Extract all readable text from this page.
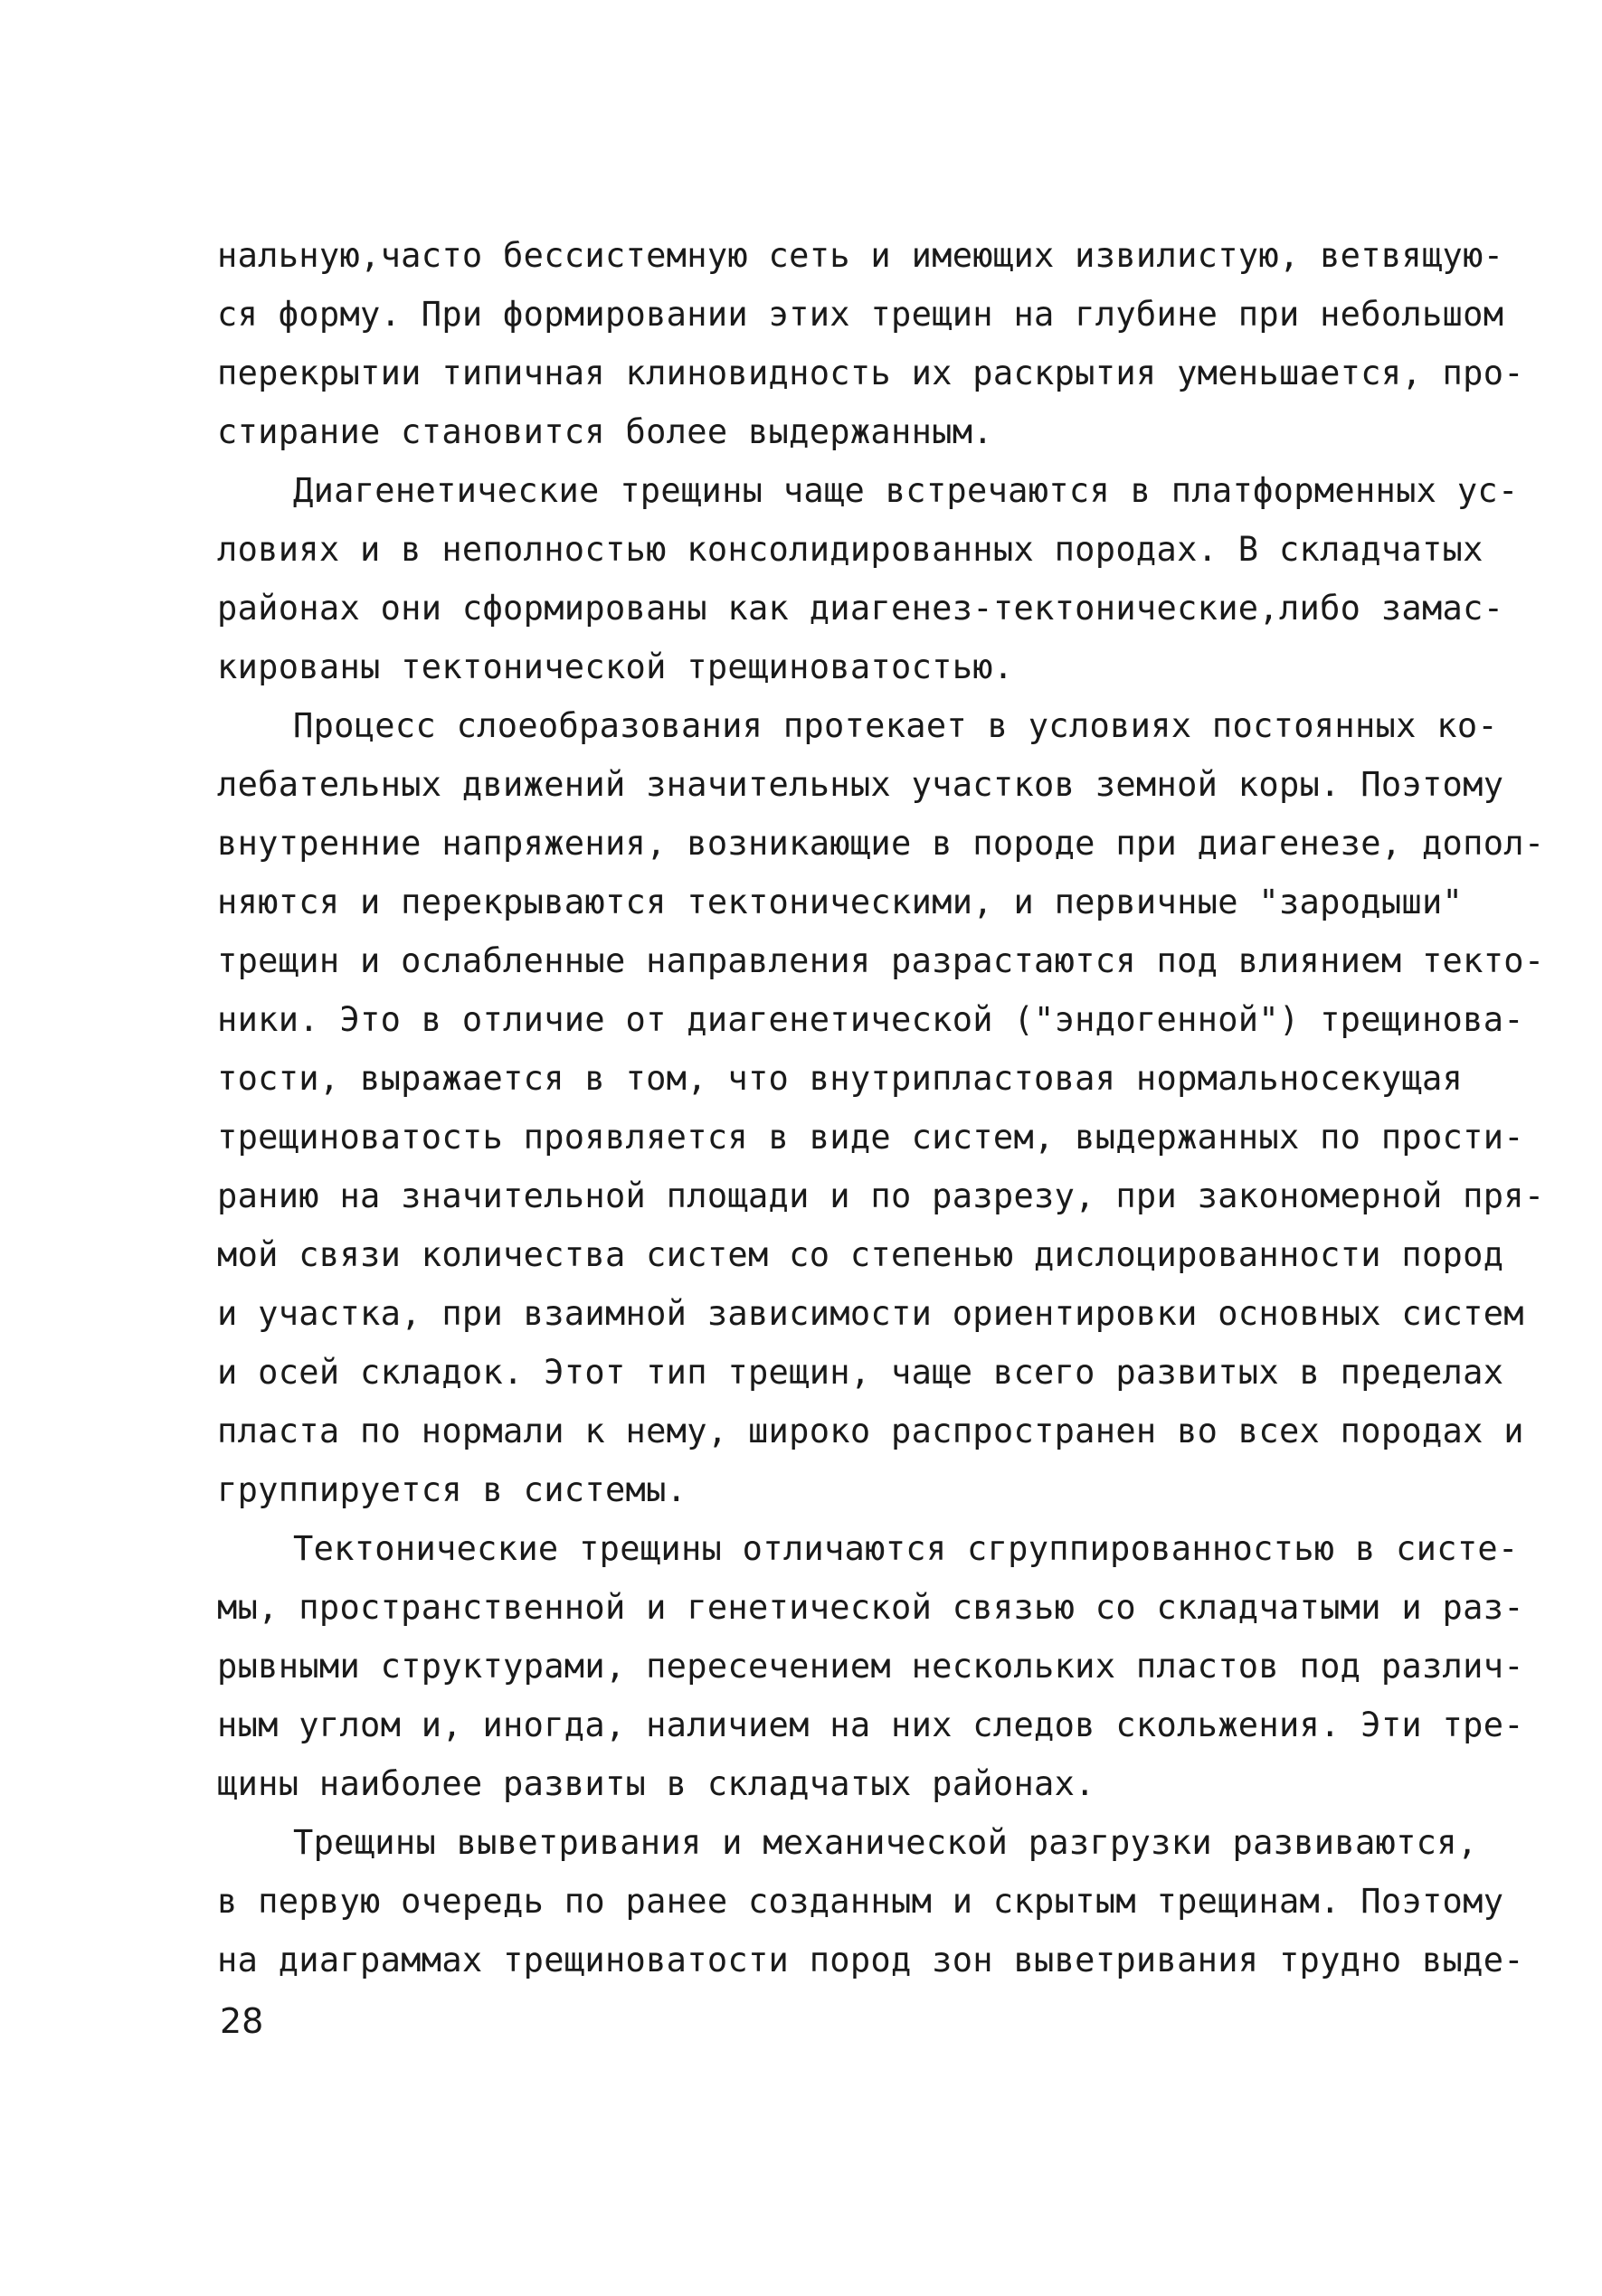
нальную,часто бессистемную сеть и имеющих извилистую, ветвящую-
ся форму. При формировании этих трещин на глубине при небольшом
перекрытии типичная клиновидность их раскрытия уменьшается, про-
стирание становится более выдержанным.
Диагенетические трещины чаще встречаются в платформенных ус-
ловиях и в неполностью консолидированных породах. В складчатых
районах они сформированы как диагенез-тектонические,либо замас-
кированы тектонической трещиноватостью.
Процесс слоеобразования протекает в условиях постоянных ко-
лебательных движений значительных участков земной коры. Поэтому
внутренние напряжения, возникающие в породе при диагенезе, допол-
няются и перекрываются тектоническими, и первичные "зародыши"
трещин и ослабленные направления разрастаются под влиянием текто-
ники. Это в отличие от диагенетической ("эндогенной") трещинова-
тости, выражается в том, что внутрипластовая нормальносекущая
трещиноватость проявляется в виде систем, выдержанных по прости-
ранию на значительной площади и по разрезу, при закономерной пря-
мой связи количества систем со степенью дислоцированности пород
и участка, при взаимной зависимости ориентировки основных систем
и осей складок. Этот тип трещин, чаще всего развитых в пределах
пласта по нормали к нему, широко распространен во всех породах и
группируется в системы.
Тектонические трещины отличаются сгруппированностью в систе-
мы, пространственной и генетической связью со складчатыми и раз-
рывными структурами, пересечением нескольких пластов под различ-
ным углом и, иногда, наличием на них следов скольжения. Эти тре-
щины наиболее развиты в складчатых районах.
Трещины выветривания и механической разгрузки развиваются,
в первую очередь по ранее созданным и скрытым трещинам. Поэтому
на диаграммах трещиноватости пород зон выветривания трудно выде-
28
